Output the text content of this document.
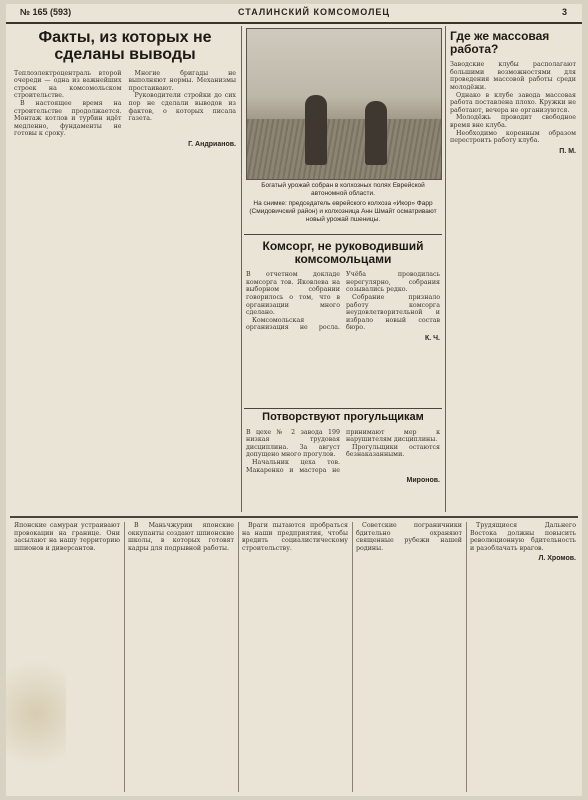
№ 165 (593)	СТАЛИНСКИЙ КОМСОМОЛЕЦ	3
Факты, из которых не сделаны выводы

Теплоэлектроцентраль второй очереди — одна из важнейших строек на комсомольском строительстве.

В настоящее время на строительстве продолжается. Монтаж котлов и турбин идёт медленно, фундаменты не готовы к сроку.

Многие бригады не выполняют нормы. Механизмы простаивают.

Руководители стройки до сих пор не сделали выводов из фактов, о которых писала газета.

Г. Андрианов.

Богатый урожай собран в колхозных полях Еврейской автономной области.

На снимке: председатель еврейского колхоза «Икор» Фарр (Смидовичский район) и колхозница Анн Шмайт осматривают новый урожай пшеницы.

Комсорг, не руководивший комсомольцами

В отчетном докладе комсорга тов. Яковлева на выборном собрании говорилось о том, что в организации много сделано.

Комсомольская организация не росла. Учёба проводилась нерегулярно, собрания созывались редко.

Собрание признало работу комсорга неудовлетворительной и избрало новый состав бюро.

К. Ч.
Потворствуют прогульщикам

В цехе № 2 завода 199 низкая трудовая дисциплина. За август допущено много прогулов.

Начальник цеха тов. Макаренко и мастера не принимают мер к нарушителям дисциплины.

Прогульщики остаются безнаказанными.

Миронов.
Где же массовая работа?

Заводские клубы располагают большими возможностями для проведения массовой работы среди молодёжи.

Однако в клубе завода массовая работа поставлена плохо. Кружки не работают, вечера не организуются.

Молодёжь проводит свободное время вне клуба.

Необходимо коренным образом перестроить работу клуба.

П. М.

Японские самураи устраивают провокации на границе. Они засылают на нашу территорию шпионов и диверсантов.

В Маньчжурии японские оккупанты создают шпионские школы, в которых готовят кадры для подрывной работы.

Враги пытаются пробраться на наши предприятия, чтобы вредить социалистическому строительству.

Советские пограничники бдительно охраняют священные рубежи нашей родины.

Трудящиеся Дальнего Востока должны повысить революционную бдительность и разоблачать врагов.

Л. Хромов.
